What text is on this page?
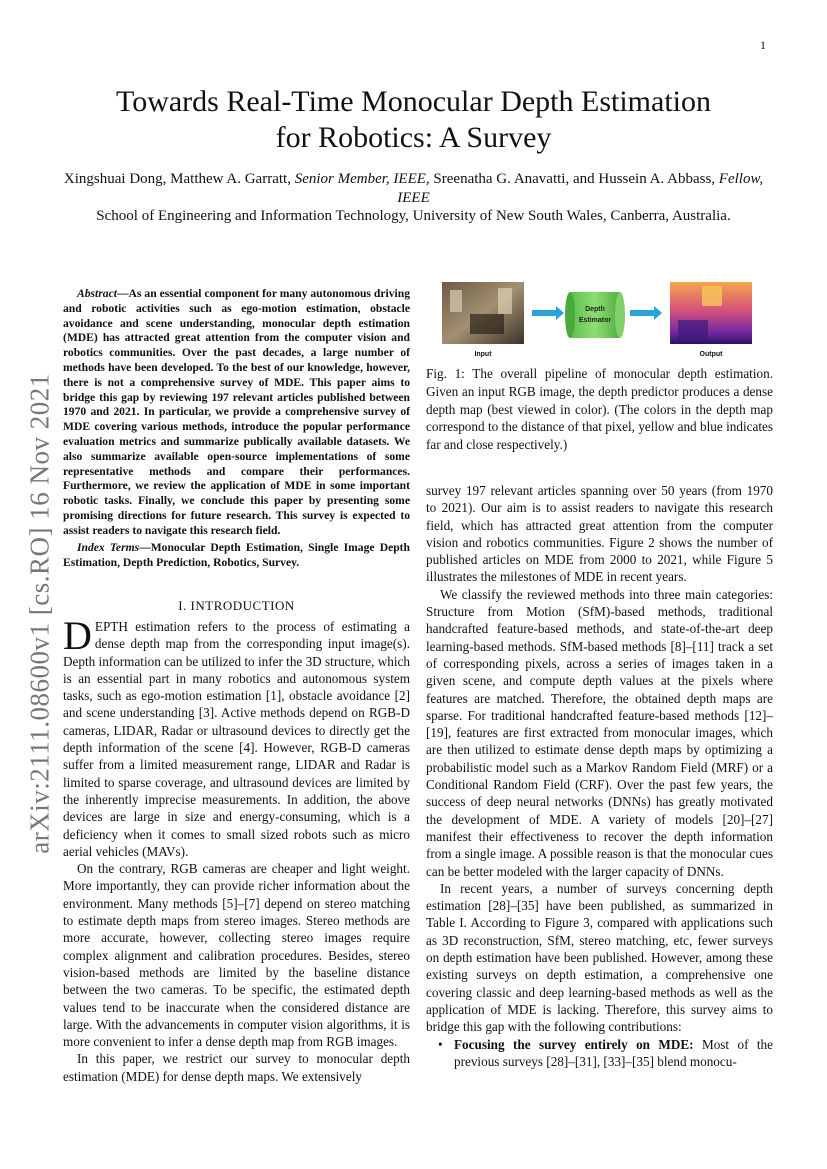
1
Towards Real-Time Monocular Depth Estimation
for Robotics: A Survey
Xingshuai Dong, Matthew A. Garratt, Senior Member, IEEE, Sreenatha G. Anavatti, and Hussein A. Abbass, Fellow, IEEE
School of Engineering and Information Technology, University of New South Wales, Canberra, Australia.
arXiv:2111.08600v1 [cs.RO] 16 Nov 2021

Abstract—As an essential component for many autonomous driving and robotic activities such as ego-motion estimation, obstacle avoidance and scene understanding, monocular depth estimation (MDE) has attracted great attention from the computer vision and robotics communities. Over the past decades, a large number of methods have been developed. To the best of our knowledge, however, there is not a comprehensive survey of MDE. This paper aims to bridge this gap by reviewing 197 relevant articles published between 1970 and 2021. In particular, we provide a comprehensive survey of MDE covering various methods, introduce the popular performance evaluation metrics and summarize publically available datasets. We also summarize available open-source implementations of some representative methods and compare their performances. Furthermore, we review the application of MDE in some important robotic tasks. Finally, we conclude this paper by presenting some promising directions for future research. This survey is expected to assist readers to navigate this research field.

Index Terms—Monocular Depth Estimation, Single Image Depth Estimation, Depth Prediction, Robotics, Survey.

I. INTRODUCTION

DEPTH estimation refers to the process of estimating a dense depth map from the corresponding input image(s). Depth information can be utilized to infer the 3D structure, which is an essential part in many robotics and autonomous system tasks, such as ego-motion estimation [1], obstacle avoidance [2] and scene understanding [3]. Active methods depend on RGB-D cameras, LIDAR, Radar or ultrasound devices to directly get the depth information of the scene [4]. However, RGB-D cameras suffer from a limited measurement range, LIDAR and Radar is limited to sparse coverage, and ultrasound devices are limited by the inherently imprecise measurements. In addition, the above devices are large in size and energy-consuming, which is a deficiency when it comes to small sized robots such as micro aerial vehicles (MAVs).

On the contrary, RGB cameras are cheaper and light weight. More importantly, they can provide richer information about the environment. Many methods [5]–[7] depend on stereo matching to estimate depth maps from stereo images. Stereo methods are more accurate, however, collecting stereo images require complex alignment and calibration procedures. Besides, stereo vision-based methods are limited by the baseline distance between the two cameras. To be specific, the estimated depth values tend to be inaccurate when the considered distance are large. With the advancements in computer vision algorithms, it is more convenient to infer a dense depth map from RGB images.

In this paper, we restrict our survey to monocular depth estimation (MDE) for dense depth maps. We extensively

Depth
Estimator
Input	Output
Fig. 1: The overall pipeline of monocular depth estimation. Given an input RGB image, the depth predictor produces a dense depth map (best viewed in color). (The colors in the depth map correspond to the distance of that pixel, yellow and blue indicates far and close respectively.)

survey 197 relevant articles spanning over 50 years (from 1970 to 2021). Our aim is to assist readers to navigate this research field, which has attracted great attention from the computer vision and robotics communities. Figure 2 shows the number of published articles on MDE from 2000 to 2021, while Figure 5 illustrates the milestones of MDE in recent years.

We classify the reviewed methods into three main categories: Structure from Motion (SfM)-based methods, traditional handcrafted feature-based methods, and state-of-the-art deep learning-based methods. SfM-based methods [8]–[11] track a set of corresponding pixels, across a series of images taken in a given scene, and compute depth values at the pixels where features are matched. Therefore, the obtained depth maps are sparse. For traditional handcrafted feature-based methods [12]–[19], features are first extracted from monocular images, which are then utilized to estimate dense depth maps by optimizing a probabilistic model such as a Markov Random Field (MRF) or a Conditional Random Field (CRF). Over the past few years, the success of deep neural networks (DNNs) has greatly motivated the development of MDE. A variety of models [20]–[27] manifest their effectiveness to recover the depth information from a single image. A possible reason is that the monocular cues can be better modeled with the larger capacity of DNNs.

In recent years, a number of surveys concerning depth estimation [28]–[35] have been published, as summarized in Table I. According to Figure 3, compared with applications such as 3D reconstruction, SfM, stereo matching, etc, fewer surveys on depth estimation have been published. However, among these existing surveys on depth estimation, a comprehensive one covering classic and deep learning-based methods as well as the application of MDE is lacking. Therefore, this survey aims to bridge this gap with the following contributions:

• Focusing the survey entirely on MDE: Most of the previous surveys [28]–[31], [33]–[35] blend monocu-
